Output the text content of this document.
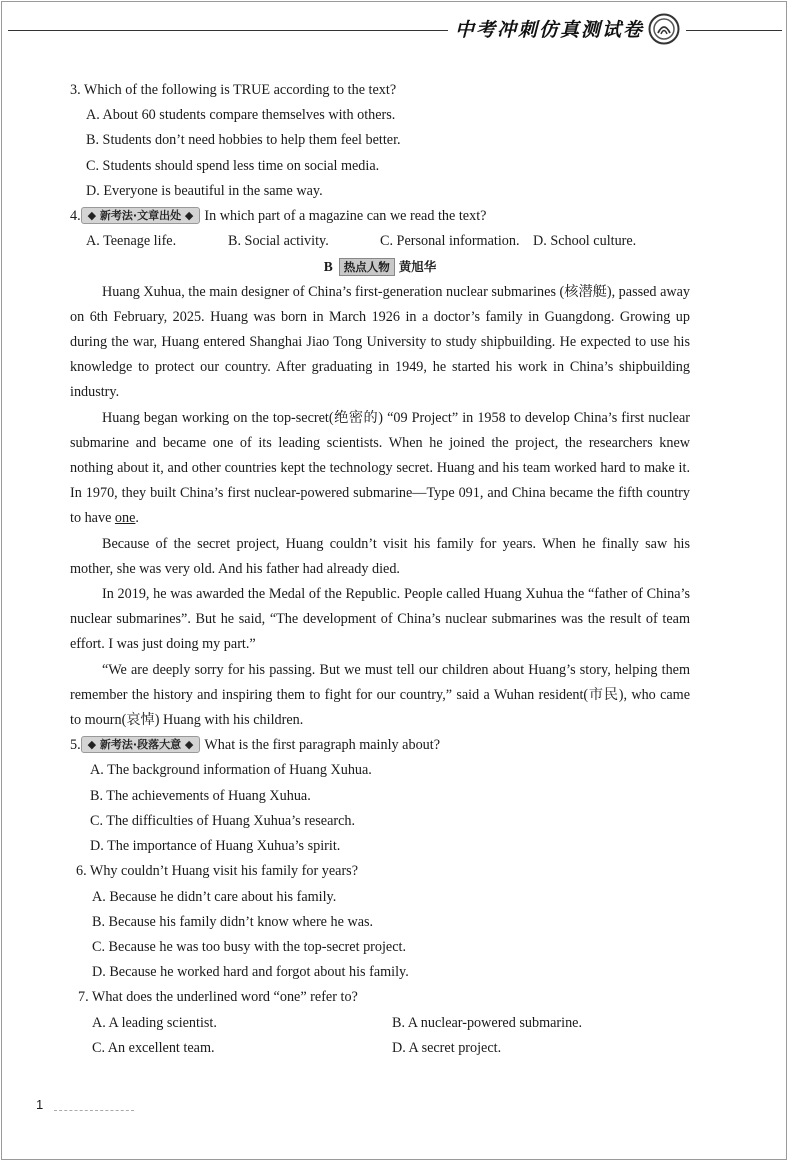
中考冲刺仿真测试卷
3. Which of the following is TRUE according to the text?
A. About 60 students compare themselves with others.
B. Students don’t need hobbies to help them feel better.
C. Students should spend less time on social media.
D. Everyone is beautiful in the same way.
4. ◆ 新考法·文章出处 ◆ In which part of a magazine can we read the text?
A. Teenage life.	B. Social activity.	C. Personal information. D. School culture.
B 热点人物 黄旭华

Huang Xuhua, the main designer of China’s first-generation nuclear submarines (核潜艇), passed away on 6th February, 2025. Huang was born in March 1926 in a doctor’s family in Guangdong. Growing up during the war, Huang entered Shanghai Jiao Tong University to study shipbuilding. He expected to use his knowledge to protect our country. After graduating in 1949, he started his work in China’s shipbuilding industry.

Huang began working on the top-secret(绝密的) “09 Project” in 1958 to develop China’s first nuclear submarine and became one of its leading scientists. When he joined the project, the researchers knew nothing about it, and other countries kept the technology secret. Huang and his team worked hard to make it. In 1970, they built China’s first nuclear-powered submarine—Type 091, and China became the fifth country to have one.

Because of the secret project, Huang couldn’t visit his family for years. When he finally saw his mother, she was very old. And his father had already died.

In 2019, he was awarded the Medal of the Republic. People called Huang Xuhua the “father of China’s nuclear submarines”. But he said, “The development of China’s nuclear submarines was the result of team effort. I was just doing my part.”

“We are deeply sorry for his passing. But we must tell our children about Huang’s story, helping them remember the history and inspiring them to fight for our country,” said a Wuhan resident(市民), who came to mourn(哀悼) Huang with his children.

5. ◆ 新考法·段落大意 ◆ What is the first paragraph mainly about?
A. The background information of Huang Xuhua.
B. The achievements of Huang Xuhua.
C. The difficulties of Huang Xuhua’s research.
D. The importance of Huang Xuhua’s spirit.
6. Why couldn’t Huang visit his family for years?
A. Because he didn’t care about his family.
B. Because his family didn’t know where he was.
C. Because he was too busy with the top-secret project.
D. Because he worked hard and forgot about his family.
7. What does the underlined word “one” refer to?
A. A leading scientist.	B. A nuclear-powered submarine.
C. An excellent team.	D. A secret project.
1
